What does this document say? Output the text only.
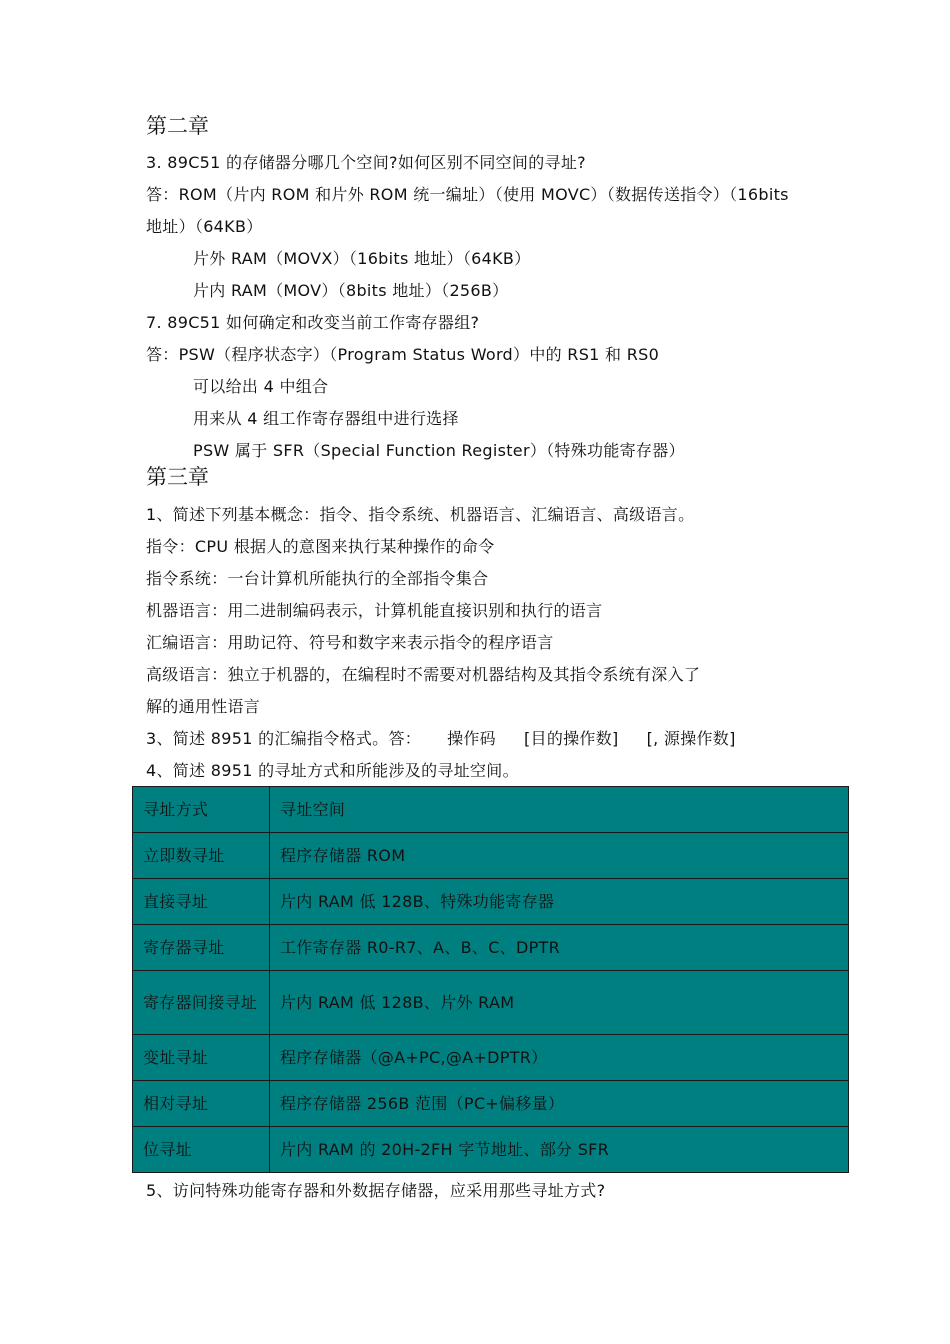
第二章
3. 89C51 的存储器分哪几个空间?如何区别不同空间的寻址?
答：ROM（片内 ROM 和片外 ROM 统一编址）（使用 MOVC）（数据传送指令）（16bits
地址）（64KB）
片外 RAM（MOVX）（16bits 地址）（64KB）
片内 RAM（MOV）（8bits 地址）（256B）
7. 89C51 如何确定和改变当前工作寄存器组?
答：PSW（程序状态字）（Program Status Word）中的 RS1 和 RS0
可以给出 4 中组合
用来从 4 组工作寄存器组中进行选择
PSW 属于 SFR（Special Function Register）（特殊功能寄存器）
第三章
1、简述下列基本概念：指令、指令系统、机器语言、汇编语言、高级语言。
指令：CPU 根据人的意图来执行某种操作的命令
指令系统：一台计算机所能执行的全部指令集合
机器语言：用二进制编码表示，计算机能直接识别和执行的语言
汇编语言：用助记符、符号和数字来表示指令的程序语言
高级语言：独立于机器的，在编程时不需要对机器结构及其指令系统有深入了
解的通用性语言
3、简述 8951 的汇编指令格式。答： 操作码 [目的操作数] [, 源操作数]
4、简述 8951 的寻址方式和所能涉及的寻址空间。
寻址方式	寻址空间
立即数寻址	程序存储器 ROM
直接寻址	片内 RAM 低 128B、特殊功能寄存器
寄存器寻址	工作寄存器 R0-R7、A、B、C、DPTR
寄存器间接寻址	片内 RAM 低 128B、片外 RAM
变址寻址	程序存储器（@A+PC,@A+DPTR）
相对寻址	程序存储器 256B 范围（PC+偏移量）
位寻址	片内 RAM 的 20H-2FH 字节地址、部分 SFR
5、访问特殊功能寄存器和外数据存储器，应采用那些寻址方式?
